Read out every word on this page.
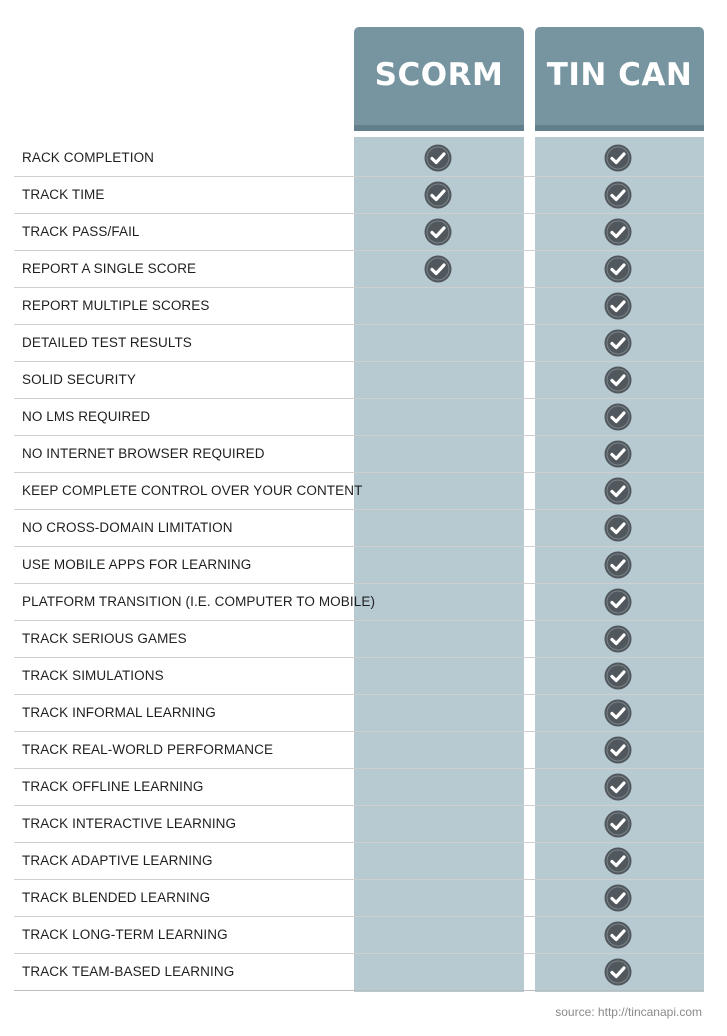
SCORM TIN CAN
RACK COMPLETION
TRACK TIME
TRACK PASS/FAIL
REPORT A SINGLE SCORE
REPORT MULTIPLE SCORES
DETAILED TEST RESULTS
SOLID SECURITY
NO LMS REQUIRED
NO INTERNET BROWSER REQUIRED
KEEP COMPLETE CONTROL OVER YOUR CONTENT
NO CROSS-DOMAIN LIMITATION
USE MOBILE APPS FOR LEARNING
PLATFORM TRANSITION (I.E. COMPUTER TO MOBILE)
TRACK SERIOUS GAMES
TRACK SIMULATIONS
TRACK INFORMAL LEARNING
TRACK REAL-WORLD PERFORMANCE
TRACK OFFLINE LEARNING
TRACK INTERACTIVE LEARNING
TRACK ADAPTIVE LEARNING
TRACK BLENDED LEARNING
TRACK LONG-TERM LEARNING
TRACK TEAM-BASED LEARNING
source: http://tincanapi.com
